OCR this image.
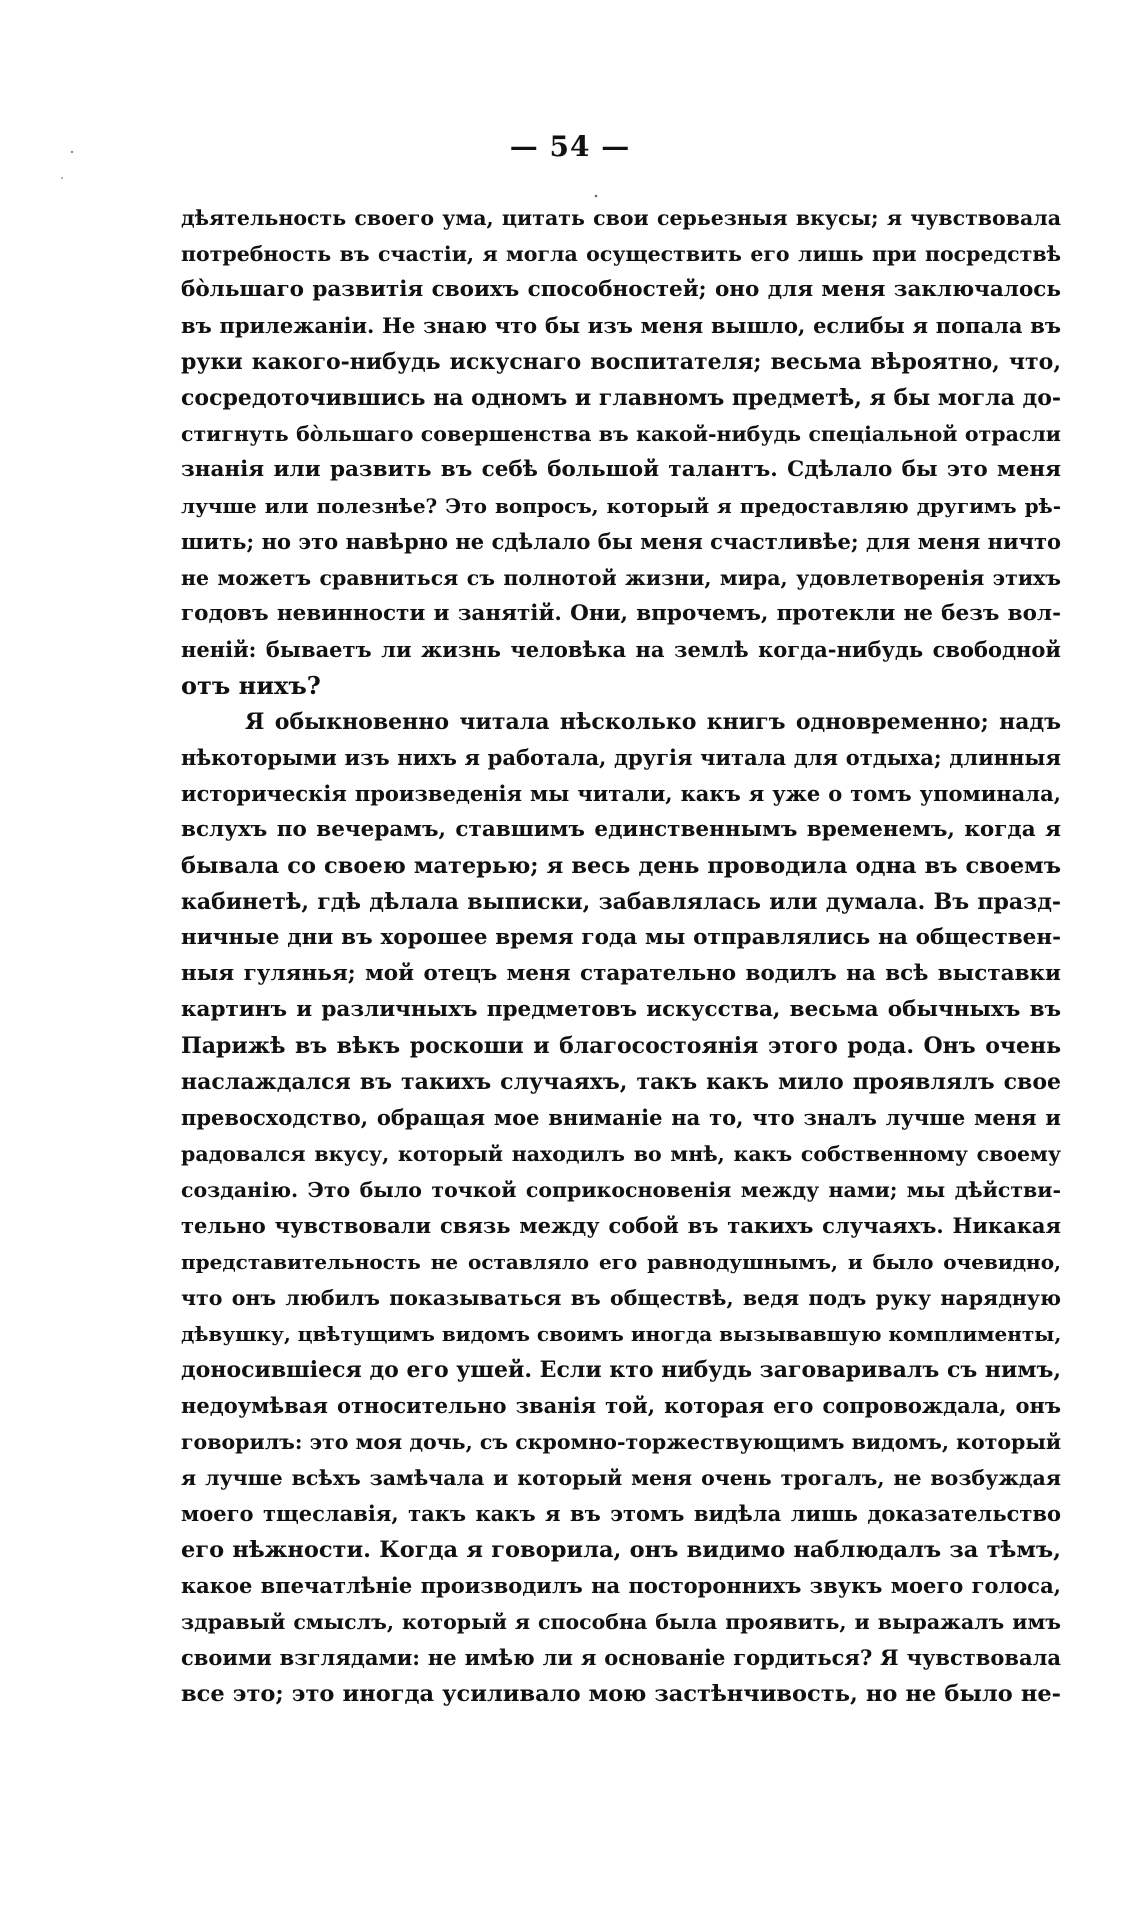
— 54 —
дѣятельность своего ума, цитать свои серьезныя вкусы; я чувствовала
потребность въ счастіи, я могла осуществить его лишь при посредствѣ
бо̀льшаго развитія своихъ способностей; оно для меня заключалось
въ прилежаніи. Не знаю что бы изъ меня вышло, еслибы я попала въ
руки какого-нибудь искуснаго воспитателя; весьма вѣроятно, что,
сосредоточившись на одномъ и главномъ предметѣ, я бы могла до-
стигнуть бо̀льшаго совершенства въ какой-нибудь спеціальной отрасли
знанія или развить въ себѣ большой талантъ. Сдѣлало бы это меня
лучше или полезнѣе? Это вопросъ, который я предоставляю другимъ рѣ-
шить; но это навѣрно не сдѣлало бы меня счастливѣе; для меня ничто
не можетъ сравниться съ полнотой жизни, мира, удовлетворенія этихъ
годовъ невинности и занятій. Они, впрочемъ, протекли не безъ вол-
неній: бываетъ ли жизнь человѣка на землѣ когда-нибудь свободной
отъ нихъ?
Я обыкновенно читала нѣсколько книгъ одновременно; надъ
нѣкоторыми изъ нихъ я работала, другія читала для отдыха; длинныя
историческія произведенія мы читали, какъ я уже о томъ упоминала,
вслухъ по вечерамъ, ставшимъ единственнымъ временемъ, когда я
бывала со своею матерью; я весь день проводила одна въ своемъ
кабинетѣ, гдѣ дѣлала выписки, забавлялась или думала. Въ празд-
ничные дни въ хорошее время года мы отправлялись на обществен-
ныя гулянья; мой отецъ меня старательно водилъ на всѣ выставки
картинъ и различныхъ предметовъ искусства, весьма обычныхъ въ
Парижѣ въ вѣкъ роскоши и благосостоянія этого рода. Онъ очень
наслаждался въ такихъ случаяхъ, такъ какъ мило проявлялъ свое
превосходство, обращая мое вниманіе на то, что зналъ лучше меня и
радовался вкусу, который находилъ во мнѣ, какъ собственному своему
созданію. Это было точкой соприкосновенія между нами; мы дѣйстви-
тельно чувствовали связь между собой въ такихъ случаяхъ. Никакая
представительность не оставляло его равнодушнымъ, и было очевидно,
что онъ любилъ показываться въ обществѣ, ведя подъ руку нарядную
дѣвушку, цвѣтущимъ видомъ своимъ иногда вызывавшую комплименты,
доносившіеся до его ушей. Если кто нибудь заговаривалъ съ нимъ,
недоумѣвая относительно званія той, которая его сопровождала, онъ
говорилъ: это моя дочь, съ скромно-торжествующимъ видомъ, который
я лучше всѣхъ замѣчала и который меня очень трогалъ, не возбуждая
моего тщеславія, такъ какъ я въ этомъ видѣла лишь доказательство
его нѣжности. Когда я говорила, онъ видимо наблюдалъ за тѣмъ,
какое впечатлѣніе производилъ на постороннихъ звукъ моего голоса,
здравый смыслъ, который я способна была проявить, и выражалъ имъ
своими взглядами: не имѣю ли я основаніе гордиться? Я чувствовала
все это; это иногда усиливало мою застѣнчивость, но не было не-
